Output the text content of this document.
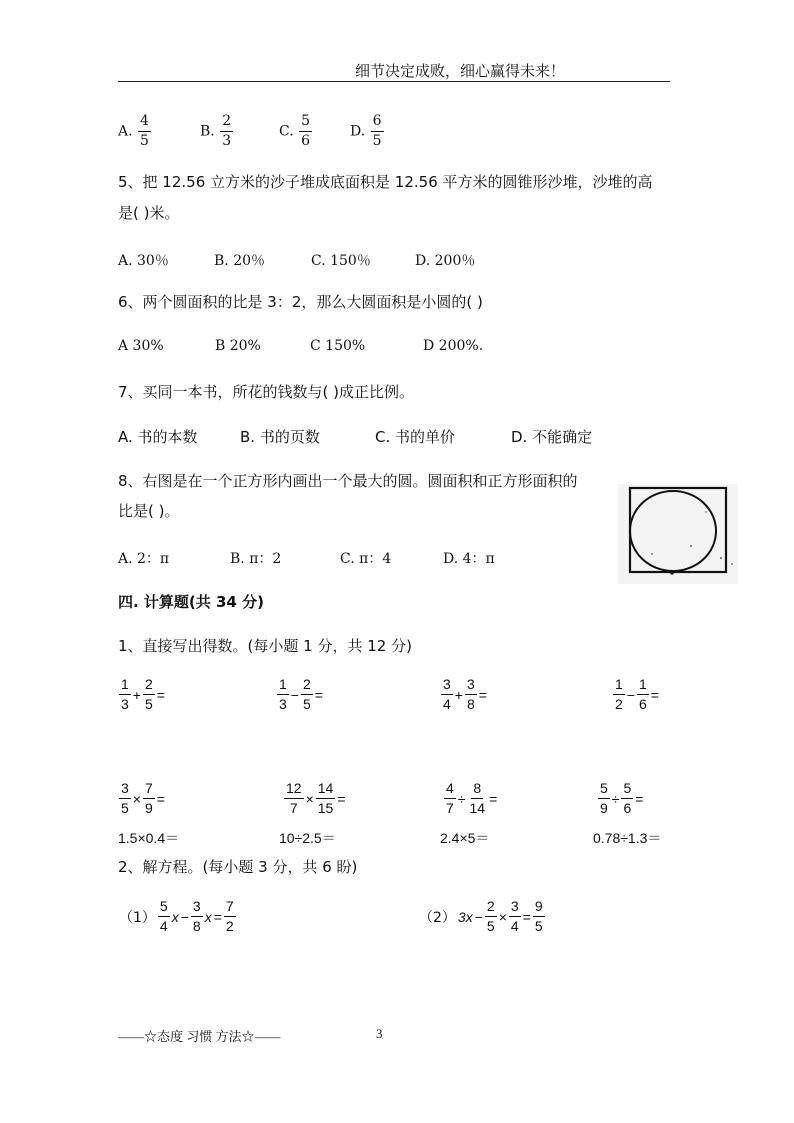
细节决定成败，细心赢得未来！
A. $\frac{4}{5}$	B. $\frac{2}{3}$	C. $\frac{5}{6}$	D. $\frac{6}{5}$
5、把 12.56 立方米的沙子堆成底面积是 12.56 平方米的圆锥形沙堆，沙堆的高
是( )米。
A. 30％	B. 20％	C. 150％	D. 200％
6、两个圆面积的比是 3：2，那么大圆面积是小圆的( )
A 30%	B 20%	C 150%	D 200%.
7、买同一本书，所花的钱数与( )成正比例。
A. 书的本数	B. 书的页数	C. 书的单价	D. 不能确定
8、右图是在一个正方形内画出一个最大的圆。圆面积和正方形面积的
比是( )。
A. 2：π	B. π：2	C. π：4	D. 4：π
四. 计算题(共 34 分)
1、直接写出得数。(每小题 1 分，共 12 分)
$\frac{1}{3} + \frac{2}{5}$ =	$\frac{1}{3} - \frac{2}{5}$ =	$\frac{3}{4} + \frac{3}{8}$ =	$\frac{1}{2} - \frac{1}{6}$ =
$\frac{3}{5} \times \frac{7}{9}$ =	$\frac{12}{7} \times \frac{14}{15}$ =	$\frac{4}{7} \div \frac{8}{14}$ =	$\frac{5}{9} \div \frac{5}{6}$ =
1.5×0.4＝	10÷2.5＝	2.4×5＝	0.78÷1.3＝
2、解方程。(每小题 3 分，共 6 盼)
$(1) \frac{5}{4}$ $x - \frac{3}{8}$ $x = \frac{7}{2}$	（2） $3x - \frac{2}{5} \times \frac{3}{4} = \frac{9}{5}$
——☆态度 习惯 方法☆——	3
